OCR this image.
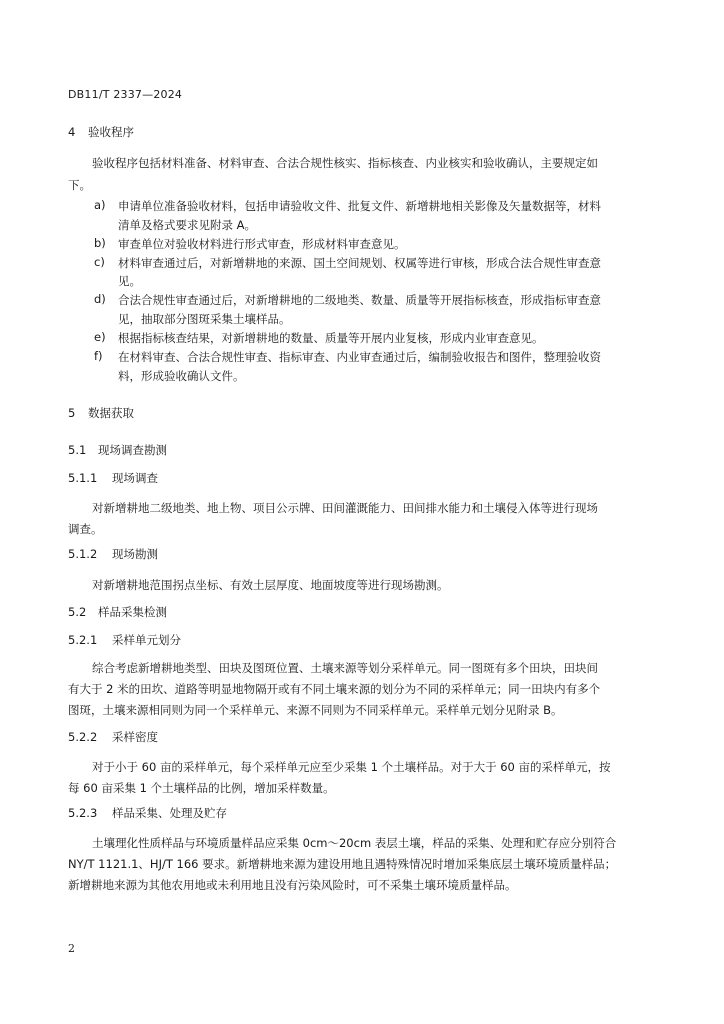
DB11/T 2337—2024
4 验收程序
验收程序包括材料准备、材料审查、合法合规性核实、指标核查、内业核实和验收确认，主要规定如
下。
a) 申请单位准备验收材料，包括申请验收文件、批复文件、新增耕地相关影像及矢量数据等，材料
清单及格式要求见附录 A。
b) 审查单位对验收材料进行形式审查，形成材料审查意见。
c) 材料审查通过后，对新增耕地的来源、国土空间规划、权属等进行审核，形成合法合规性审查意
见。
d) 合法合规性审查通过后，对新增耕地的二级地类、数量、质量等开展指标核查，形成指标审查意
见，抽取部分图斑采集土壤样品。
e) 根据指标核查结果，对新增耕地的数量、质量等开展内业复核，形成内业审查意见。
f) 在材料审查、合法合规性审查、指标审查、内业审查通过后，编制验收报告和图件，整理验收资
料，形成验收确认文件。
5 数据获取
5.1 现场调查勘测
5.1.1 现场调查
对新增耕地二级地类、地上物、项目公示牌、田间灌溉能力、田间排水能力和土壤侵入体等进行现场
调查。
5.1.2 现场勘测
对新增耕地范围拐点坐标、有效土层厚度、地面坡度等进行现场勘测。
5.2 样品采集检测
5.2.1 采样单元划分
综合考虑新增耕地类型、田块及图斑位置、土壤来源等划分采样单元。同一图斑有多个田块，田块间
有大于 2 米的田坎、道路等明显地物隔开或有不同土壤来源的划分为不同的采样单元；同一田块内有多个
图斑，土壤来源相同则为同一个采样单元、来源不同则为不同采样单元。采样单元划分见附录 B。
5.2.2 采样密度
对于小于 60 亩的采样单元，每个采样单元应至少采集 1 个土壤样品。对于大于 60 亩的采样单元，按
每 60 亩采集 1 个土壤样品的比例，增加采样数量。
5.2.3 样品采集、处理及贮存
土壤理化性质样品与环境质量样品应采集 0cm～20cm 表层土壤，样品的采集、处理和贮存应分别符合
NY/T 1121.1、HJ/T 166 要求。新增耕地来源为建设用地且遇特殊情况时增加采集底层土壤环境质量样品；
新增耕地来源为其他农用地或未利用地且没有污染风险时，可不采集土壤环境质量样品。
2
